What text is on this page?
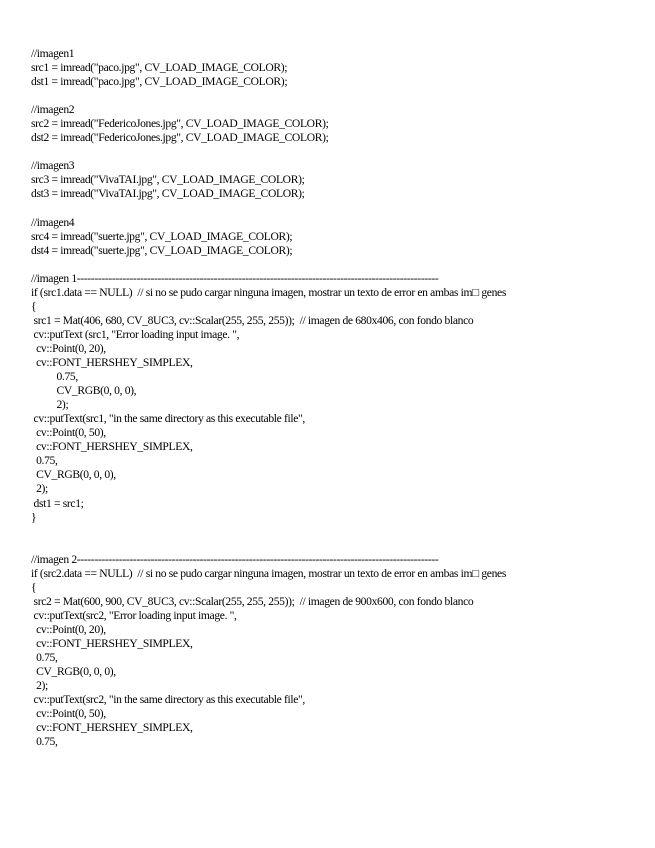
//imagen1
src1 = imread("paco.jpg", CV_LOAD_IMAGE_COLOR);
dst1 = imread("paco.jpg", CV_LOAD_IMAGE_COLOR);

//imagen2
src2 = imread("FedericoJones.jpg", CV_LOAD_IMAGE_COLOR);
dst2 = imread("FedericoJones.jpg", CV_LOAD_IMAGE_COLOR);

//imagen3
src3 = imread("VivaTAI.jpg", CV_LOAD_IMAGE_COLOR);
dst3 = imread("VivaTAI.jpg", CV_LOAD_IMAGE_COLOR);

//imagen4
src4 = imread("suerte.jpg", CV_LOAD_IMAGE_COLOR);
dst4 = imread("suerte.jpg", CV_LOAD_IMAGE_COLOR);

//imagen 1-------------------------------------------------------------------------------------------------------
if (src1.data == NULL)  // si no se pudo cargar ninguna imagen, mostrar un texto de error en ambas im□ genes
{
src1 = Mat(406, 680, CV_8UC3, cv::Scalar(255, 255, 255));  // imagen de 680x406, con fondo blanco
cv::putText (src1, "Error loading input image. ",
cv::Point(0, 20),
cv::FONT_HERSHEY_SIMPLEX,
0.75,
CV_RGB(0, 0, 0),
2);
cv::putText(src1, "in the same directory as this executable file",
cv::Point(0, 50),
cv::FONT_HERSHEY_SIMPLEX,
0.75,
CV_RGB(0, 0, 0),
2);
dst1 = src1;
}

//imagen 2-------------------------------------------------------------------------------------------------------
if (src2.data == NULL)  // si no se pudo cargar ninguna imagen, mostrar un texto de error en ambas im□ genes
{
src2 = Mat(600, 900, CV_8UC3, cv::Scalar(255, 255, 255));  // imagen de 900x600, con fondo blanco
cv::putText(src2, "Error loading input image. ",
cv::Point(0, 20),
cv::FONT_HERSHEY_SIMPLEX,
0.75,
CV_RGB(0, 0, 0),
2);
cv::putText(src2, "in the same directory as this executable file",
cv::Point(0, 50),
cv::FONT_HERSHEY_SIMPLEX,
0.75,
